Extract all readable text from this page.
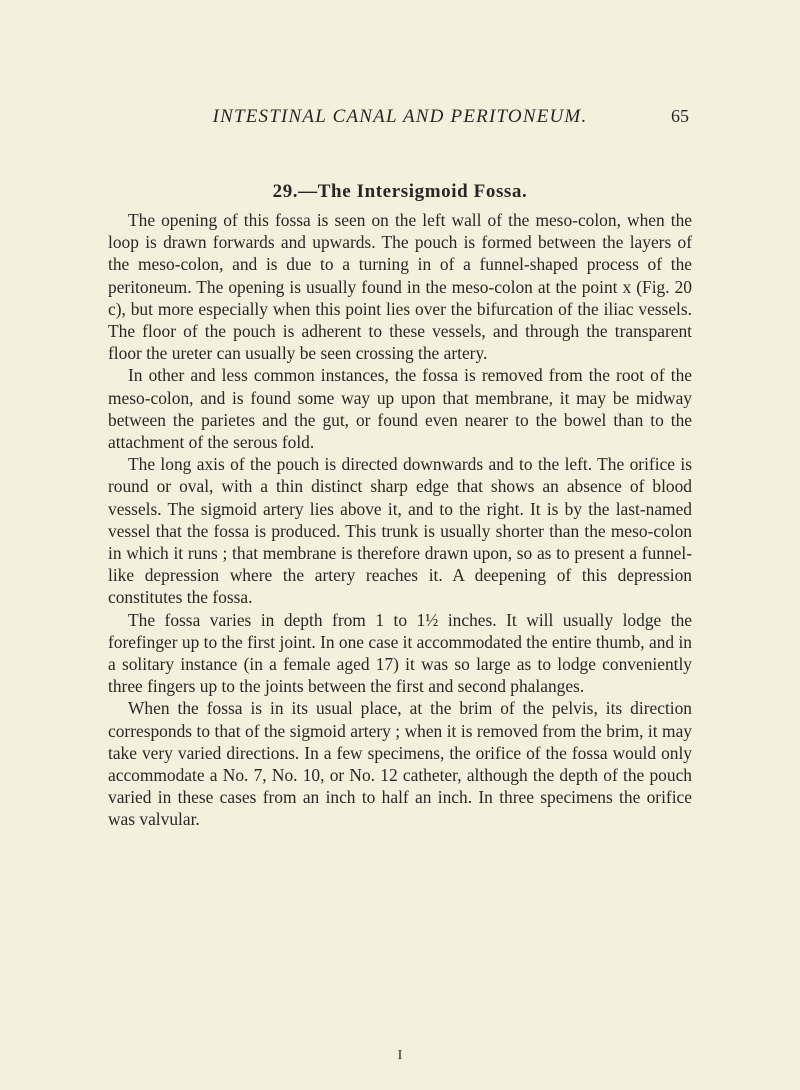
INTESTINAL CANAL AND PERITONEUM.	65
29.—The Intersigmoid Fossa.

The opening of this fossa is seen on the left wall of the meso-colon, when the loop is drawn forwards and upwards. The pouch is formed between the layers of the meso-colon, and is due to a turning in of a funnel-shaped process of the peritoneum. The opening is usually found in the meso-colon at the point x (Fig. 20 c), but more especially when this point lies over the bifurcation of the iliac vessels. The floor of the pouch is adherent to these vessels, and through the transparent floor the ureter can usually be seen crossing the artery.

In other and less common instances, the fossa is removed from the root of the meso-colon, and is found some way up upon that membrane, it may be midway between the parietes and the gut, or found even nearer to the bowel than to the attachment of the serous fold.

The long axis of the pouch is directed downwards and to the left. The orifice is round or oval, with a thin distinct sharp edge that shows an absence of blood vessels. The sigmoid artery lies above it, and to the right. It is by the last-named vessel that the fossa is produced. This trunk is usually shorter than the meso-colon in which it runs ; that membrane is therefore drawn upon, so as to present a funnel-like depression where the artery reaches it. A deepening of this depression constitutes the fossa.

The fossa varies in depth from 1 to 1½ inches. It will usually lodge the forefinger up to the first joint. In one case it accommodated the entire thumb, and in a solitary instance (in a female aged 17) it was so large as to lodge conveniently three fingers up to the joints between the first and second phalanges.

When the fossa is in its usual place, at the brim of the pelvis, its direction corresponds to that of the sigmoid artery ; when it is removed from the brim, it may take very varied directions. In a few specimens, the orifice of the fossa would only accommodate a No. 7, No. 10, or No. 12 catheter, although the depth of the pouch varied in these cases from an inch to half an inch. In three specimens the orifice was valvular.

I
